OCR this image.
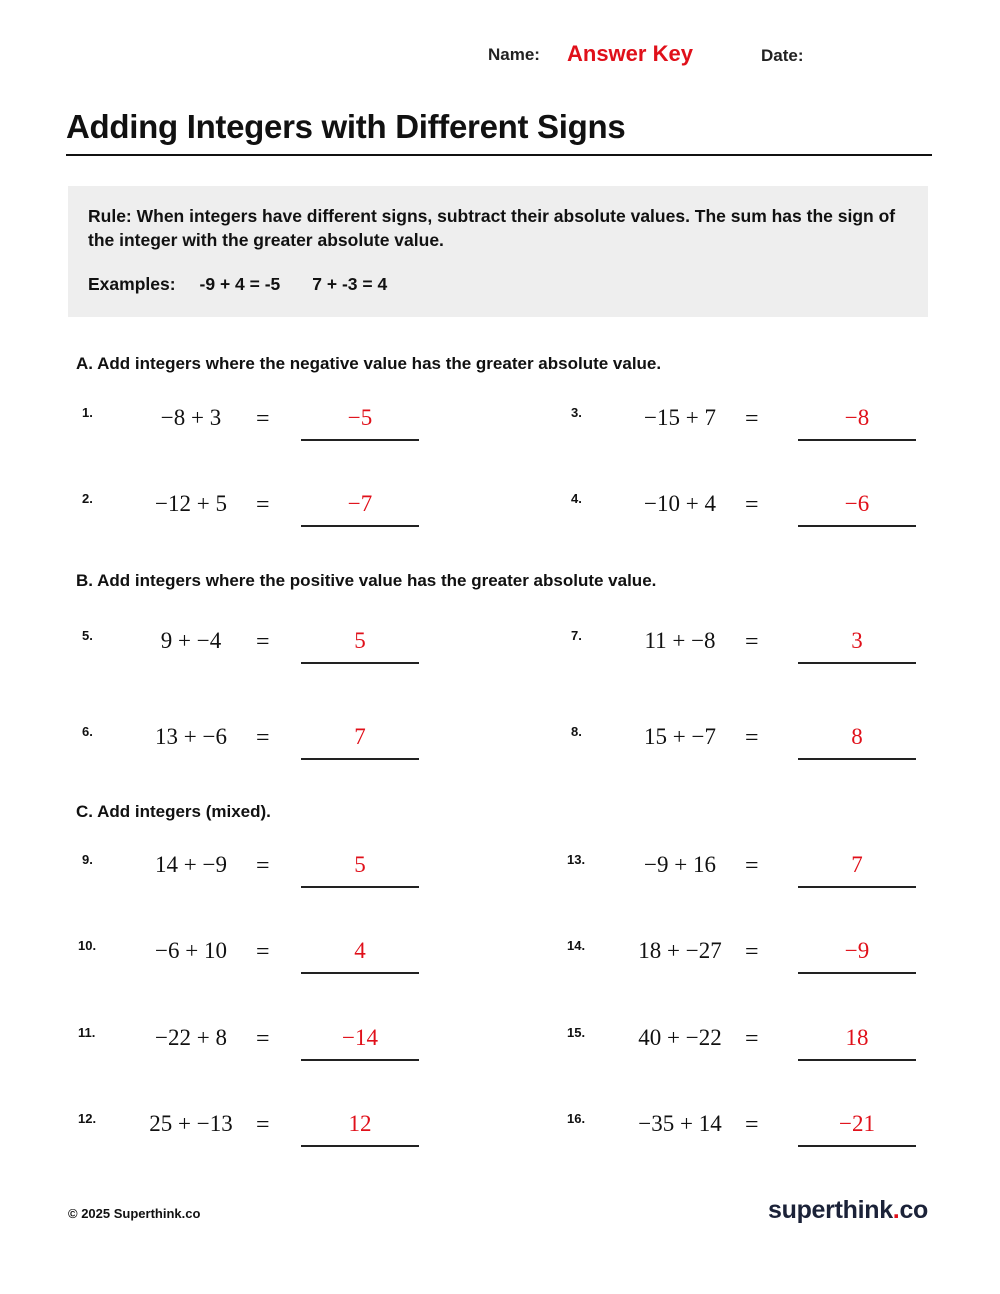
Name: Answer Key	Date:
Adding Integers with Different Signs
Rule: When integers have different signs, subtract their absolute values. The sum has the sign of the integer with the greater absolute value.
Examples: -9 + 4 = -5 7 + -3 = 4
A. Add integers where the negative value has the greater absolute value.
B. Add integers where the positive value has the greater absolute value.
C. Add integers (mixed).
1.	−8 + 3	=	−5
2.	−12 + 5	=	−7
3.	−15 + 7	=	−8
4.	−10 + 4	=	−6
5.	9 + −4	=	5
6.	13 + −6	=	7
7.	11 + −8	=	3
8.	15 + −7	=	8
9.	14 + −9	=	5
10.	−6 + 10	=	4
11.	−22 + 8	=	−14
12.	25 + −13 =	12
13.	−9 + 16	=	7
14.	18 + −27 =	−9
15.	40 + −22 =	18
16.	−35 + 14 =	−21
© 2025 Superthink.co	superthink.co
